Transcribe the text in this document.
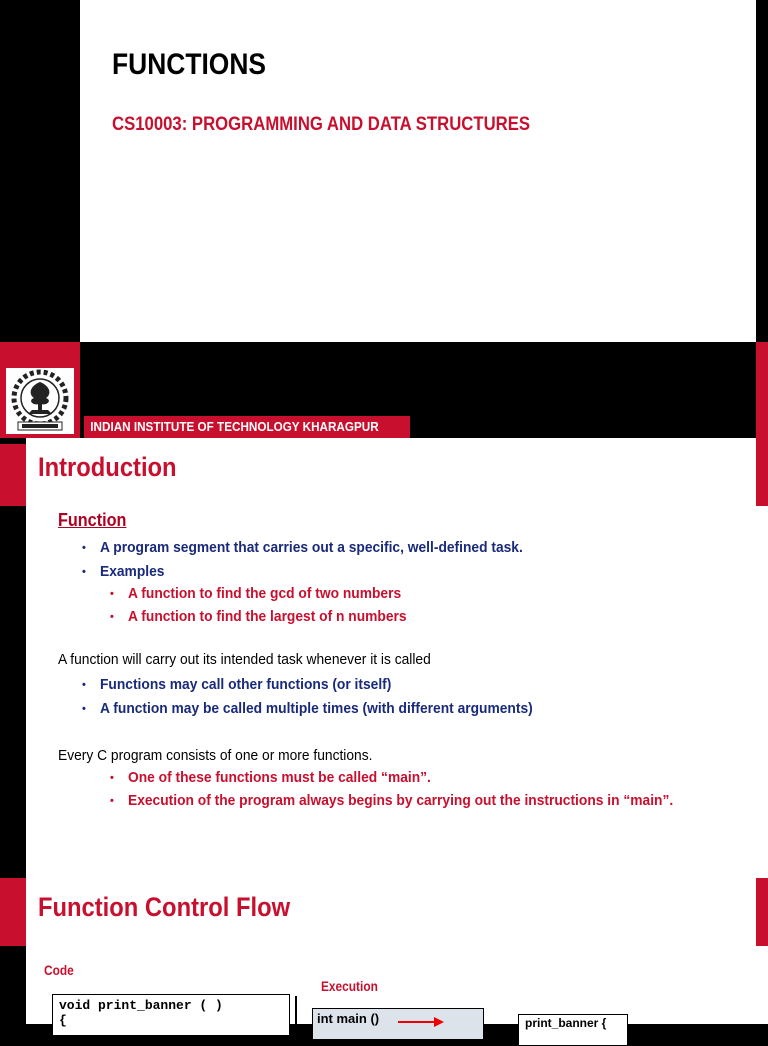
FUNCTIONS
CS10003: PROGRAMMING AND DATA STRUCTURES
INDIAN INSTITUTE OF TECHNOLOGY KHARAGPUR	1
Introduction
Function
• A program segment that carries out a specific, well-defined task.
• Examples
• A function to find the gcd of two numbers
• A function to find the largest of n numbers
A function will carry out its intended task whenever it is called
• Functions may call other functions (or itself)
• A function may be called multiple times (with different arguments)
Every C program consists of one or more functions.
• One of these functions must be called “main”.
• Execution of the program always begins by carrying out the instructions in “main”.
Function Control Flow
Code
Execution
void print_banner ( )
{	int main ()	print_banner {
